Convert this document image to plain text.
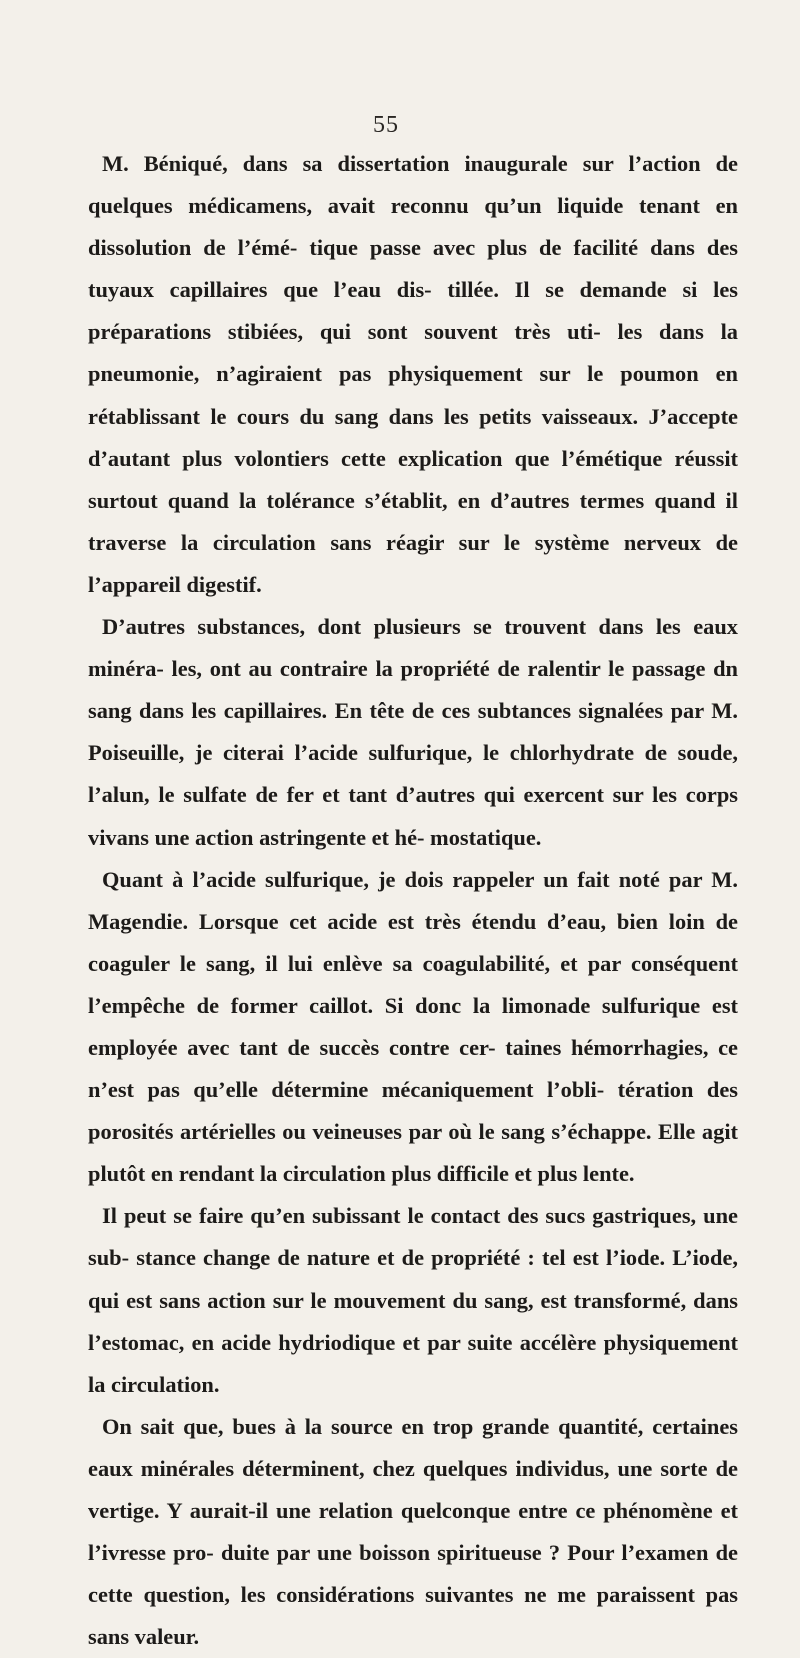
55

M. Béniqué, dans sa dissertation inaugurale sur l’action de quelques médicamens, avait reconnu qu’un liquide tenant en dissolution de l’émé- tique passe avec plus de facilité dans des tuyaux capillaires que l’eau dis- tillée. Il se demande si les préparations stibiées, qui sont souvent très uti- les dans la pneumonie, n’agiraient pas physiquement sur le poumon en rétablissant le cours du sang dans les petits vaisseaux. J’accepte d’autant plus volontiers cette explication que l’émétique réussit surtout quand la tolérance s’établit, en d’autres termes quand il traverse la circulation sans réagir sur le système nerveux de l’appareil digestif.

D’autres substances, dont plusieurs se trouvent dans les eaux minéra- les, ont au contraire la propriété de ralentir le passage dn sang dans les capillaires. En tête de ces subtances signalées par M. Poiseuille, je citerai l’acide sulfurique, le chlorhydrate de soude, l’alun, le sulfate de fer et tant d’autres qui exercent sur les corps vivans une action astringente et hé- mostatique.

Quant à l’acide sulfurique, je dois rappeler un fait noté par M. Magendie. Lorsque cet acide est très étendu d’eau, bien loin de coaguler le sang, il lui enlève sa coagulabilité, et par conséquent l’empêche de former caillot. Si donc la limonade sulfurique est employée avec tant de succès contre cer- taines hémorrhagies, ce n’est pas qu’elle détermine mécaniquement l’obli- tération des porosités artérielles ou veineuses par où le sang s’échappe. Elle agit plutôt en rendant la circulation plus difficile et plus lente.

Il peut se faire qu’en subissant le contact des sucs gastriques, une sub- stance change de nature et de propriété : tel est l’iode. L’iode, qui est sans action sur le mouvement du sang, est transformé, dans l’estomac, en acide hydriodique et par suite accélère physiquement la circulation.

On sait que, bues à la source en trop grande quantité, certaines eaux minérales déterminent, chez quelques individus, une sorte de vertige. Y aurait-il une relation quelconque entre ce phénomène et l’ivresse pro- duite par une boisson spiritueuse ? Pour l’examen de cette question, les considérations suivantes ne me paraissent pas sans valeur.
